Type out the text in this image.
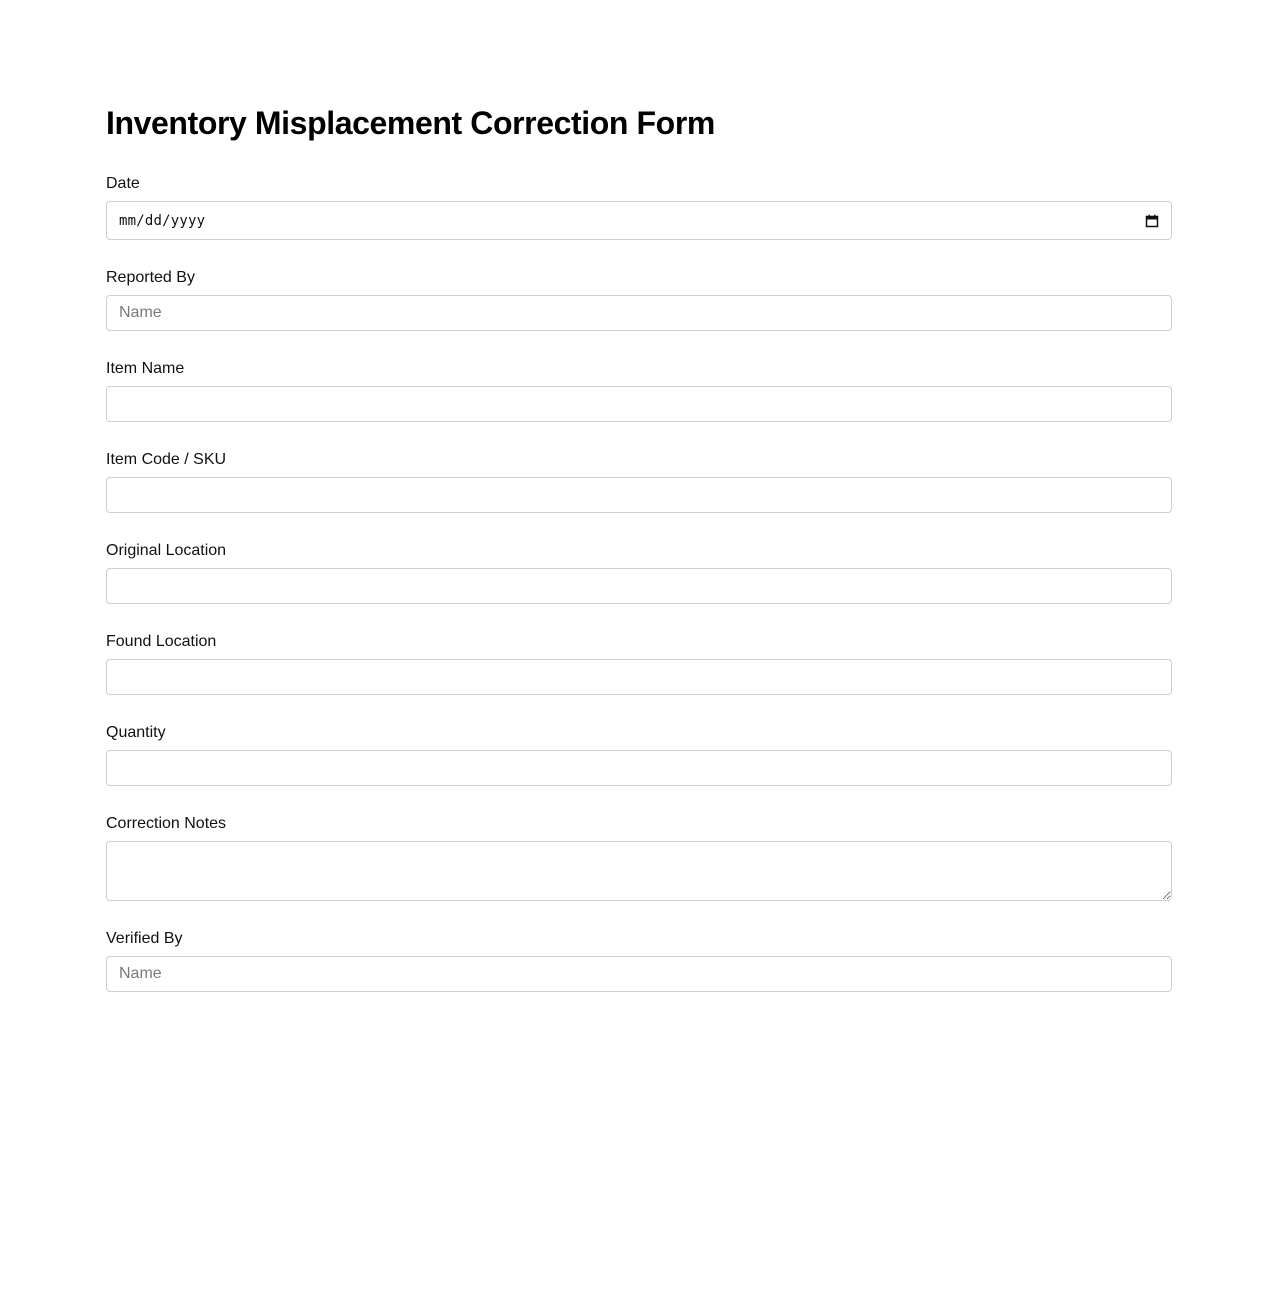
Inventory Misplacement Correction Form
Date
mm/dd/yyyy
Reported By
Name
Item Name
Item Code / SKU
Original Location
Found Location
Quantity
Correction Notes
Verified By
Name
